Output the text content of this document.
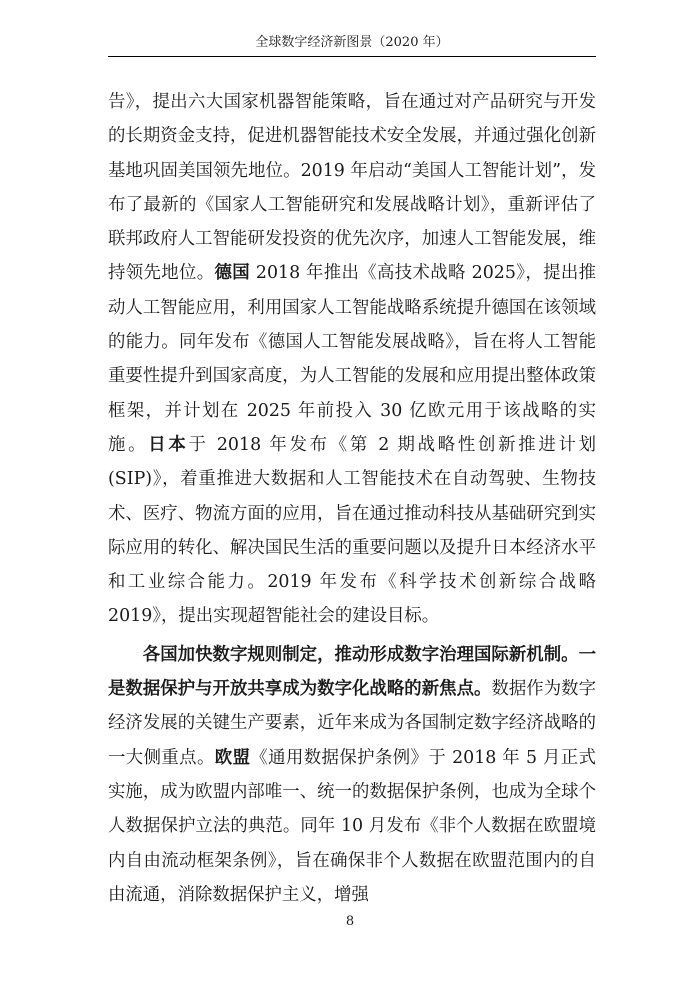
全球数字经济新图景（2020 年）

告》，提出六大国家机器智能策略，旨在通过对产品研究与开发的长期资金支持，促进机器智能技术安全发展，并通过强化创新基地巩固美国领先地位。2019 年启动“美国人工智能计划”，发布了最新的《国家人工智能研究和发展战略计划》，重新评估了联邦政府人工智能研发投资的优先次序，加速人工智能发展，维持领先地位。德国 2018 年推出《高技术战略 2025》，提出推动人工智能应用，利用国家人工智能战略系统提升德国在该领域的能力。同年发布《德国人工智能发展战略》，旨在将人工智能重要性提升到国家高度，为人工智能的发展和应用提出整体政策框架，并计划在 2025 年前投入 30 亿欧元用于该战略的实施。日本于 2018 年发布《第 2 期战略性创新推进计划(SIP)》，着重推进大数据和人工智能技术在自动驾驶、生物技术、医疗、物流方面的应用，旨在通过推动科技从基础研究到实际应用的转化、解决国民生活的重要问题以及提升日本经济水平和工业综合能力。2019 年发布《科学技术创新综合战略 2019》，提出实现超智能社会的建设目标。

各国加快数字规则制定，推动形成数字治理国际新机制。一是数据保护与开放共享成为数字化战略的新焦点。数据作为数字经济发展的关键生产要素，近年来成为各国制定数字经济战略的一大侧重点。欧盟《通用数据保护条例》于 2018 年 5 月正式实施，成为欧盟内部唯一、统一的数据保护条例，也成为全球个人数据保护立法的典范。同年 10 月发布《非个人数据在欧盟境内自由流动框架条例》，旨在确保非个人数据在欧盟范围内的自由流通，消除数据保护主义，增强

8
